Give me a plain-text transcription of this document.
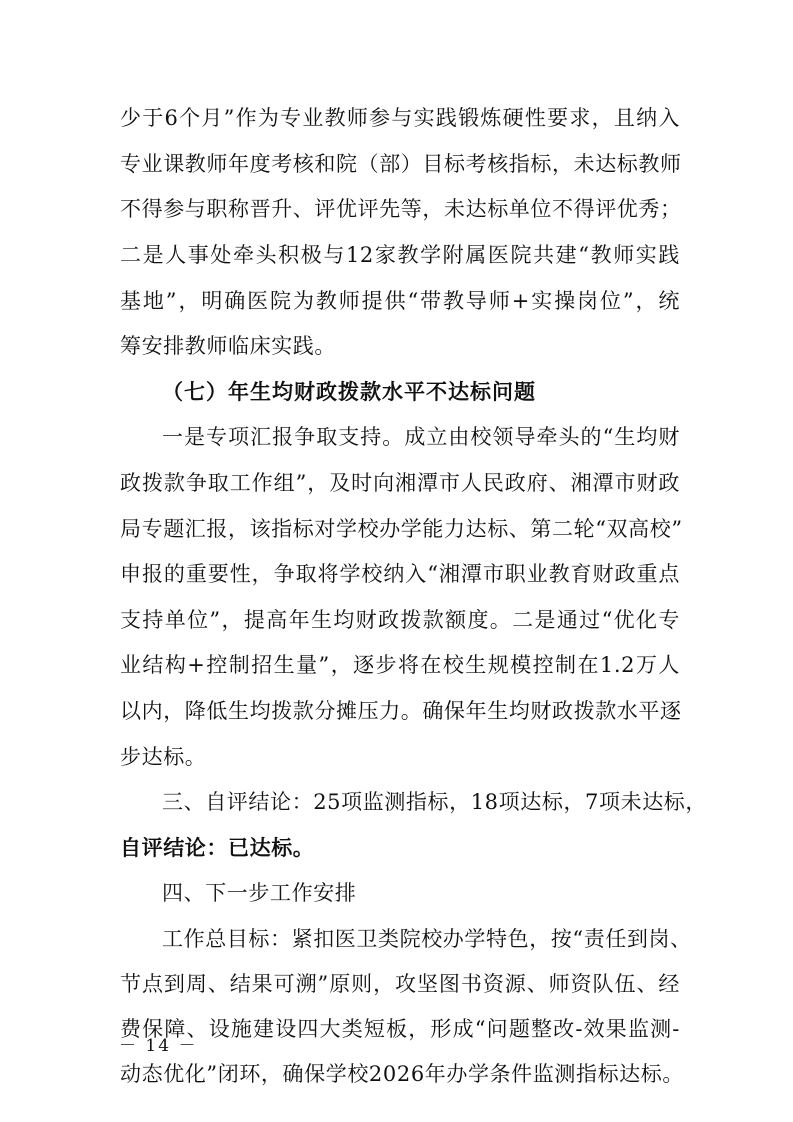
少于6个月”作为专业教师参与实践锻炼硬性要求，且纳入
专业课教师年度考核和院（部）目标考核指标，未达标教师
不得参与职称晋升、评优评先等，未达标单位不得评优秀；
二是人事处牵头积极与12家教学附属医院共建“教师实践
基地”，明确医院为教师提供“带教导师+实操岗位”，统
筹安排教师临床实践。
（七）年生均财政拨款水平不达标问题
一是专项汇报争取支持。成立由校领导牵头的“生均财
政拨款争取工作组”，及时向湘潭市人民政府、湘潭市财政
局专题汇报，该指标对学校办学能力达标、第二轮“双高校”
申报的重要性，争取将学校纳入“湘潭市职业教育财政重点
支持单位”，提高年生均财政拨款额度。二是通过“优化专
业结构+控制招生量”，逐步将在校生规模控制在1.2万人
以内，降低生均拨款分摊压力。确保年生均财政拨款水平逐
步达标。
三、自评结论：25项监测指标，18项达标，7项未达标，
自评结论：已达标。
四、下一步工作安排
工作总目标：紧扣医卫类院校办学特色，按“责任到岗、
节点到周、结果可溯”原则，攻坚图书资源、师资队伍、经
费保障、设施建设四大类短板，形成“问题整改-效果监测-
动态优化”闭环，确保学校2026年办学条件监测指标达标。
－ 14 －
